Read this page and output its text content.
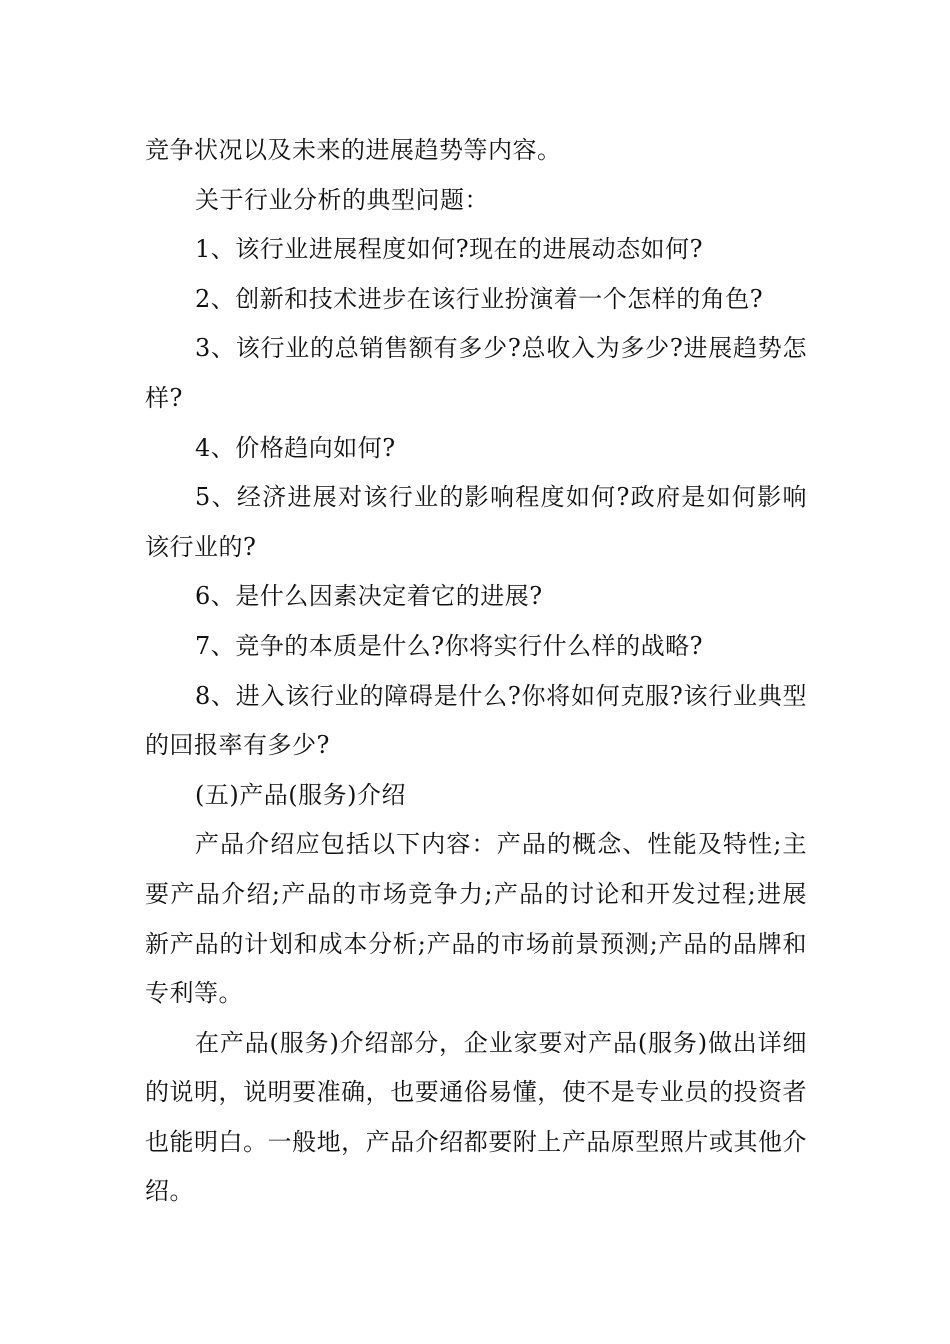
竞争状况以及未来的进展趋势等内容。

关于行业分析的典型问题：

1、该行业进展程度如何?现在的进展动态如何?

2、创新和技术进步在该行业扮演着一个怎样的角色?

3、该行业的总销售额有多少?总收入为多少?进展趋势怎样?

4、价格趋向如何?

5、经济进展对该行业的影响程度如何?政府是如何影响该行业的?

6、是什么因素决定着它的进展?

7、竞争的本质是什么?你将实行什么样的战略?

8、进入该行业的障碍是什么?你将如何克服?该行业典型的回报率有多少?

(五)产品(服务)介绍

产品介绍应包括以下内容：产品的概念、性能及特性;主要产品介绍;产品的市场竞争力;产品的讨论和开发过程;进展新产品的计划和成本分析;产品的市场前景预测;产品的品牌和专利等。

在产品(服务)介绍部分，企业家要对产品(服务)做出详细的说明，说明要准确，也要通俗易懂，使不是专业员的投资者也能明白。一般地，产品介绍都要附上产品原型照片或其他介绍。
